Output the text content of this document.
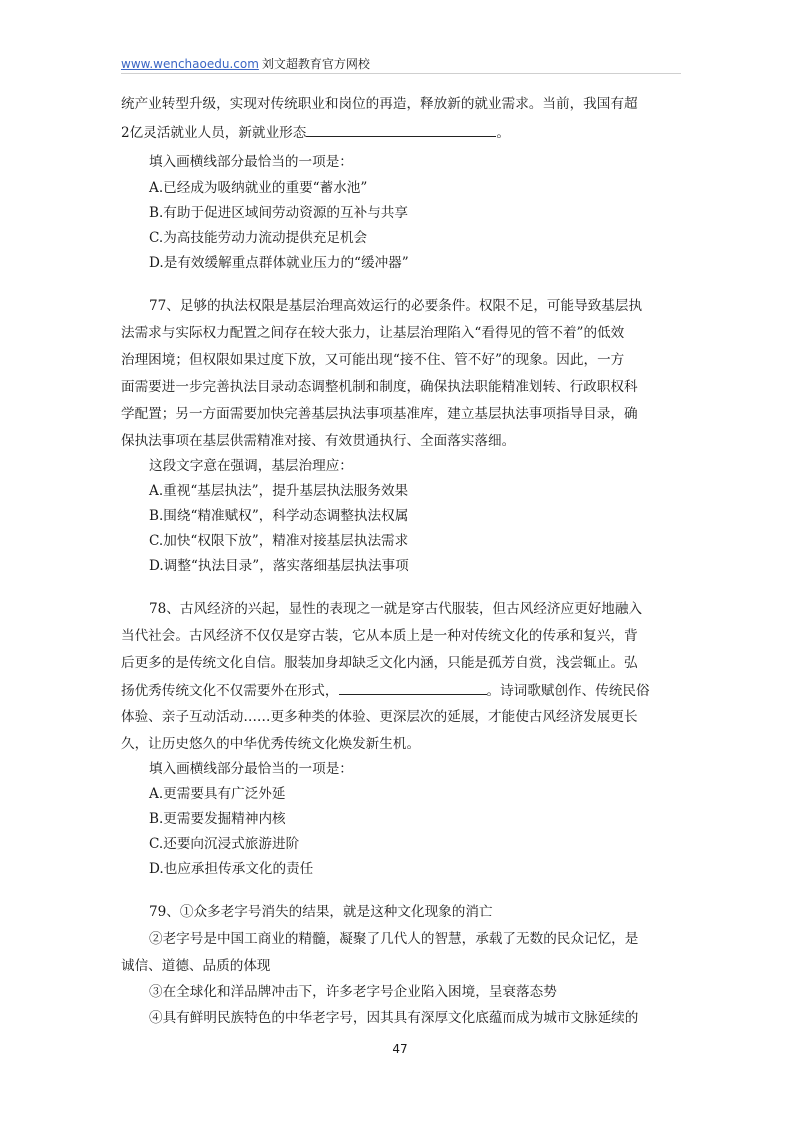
www.wenchaoedu.com 刘文超教育官方网校
统产业转型升级，实现对传统职业和岗位的再造，释放新的就业需求。当前，我国有超
2亿灵活就业人员，新就业形态	。
填入画横线部分最恰当的一项是：
A.已经成为吸纳就业的重要“蓄水池”
B.有助于促进区域间劳动资源的互补与共享
C.为高技能劳动力流动提供充足机会
D.是有效缓解重点群体就业压力的“缓冲器”
77、足够的执法权限是基层治理高效运行的必要条件。权限不足，可能导致基层执
法需求与实际权力配置之间存在较大张力，让基层治理陷入“看得见的管不着”的低效
治理困境；但权限如果过度下放，又可能出现“接不住、管不好”的现象。因此，一方
面需要进一步完善执法目录动态调整机制和制度，确保执法职能精准划转、行政职权科
学配置；另一方面需要加快完善基层执法事项基准库，建立基层执法事项指导目录，确
保执法事项在基层供需精准对接、有效贯通执行、全面落实落细。
这段文字意在强调，基层治理应：
A.重视“基层执法”，提升基层执法服务效果
B.围绕“精准赋权”，科学动态调整执法权属
C.加快“权限下放”，精准对接基层执法需求
D.调整“执法目录”，落实落细基层执法事项
78、古风经济的兴起，显性的表现之一就是穿古代服装，但古风经济应更好地融入
当代社会。古风经济不仅仅是穿古装，它从本质上是一种对传统文化的传承和复兴，背
后更多的是传统文化自信。服装加身却缺乏文化内涵，只能是孤芳自赏，浅尝辄止。弘
扬优秀传统文化不仅需要外在形式，	。诗词歌赋创作、传统民俗
体验、亲子互动活动……更多种类的体验、更深层次的延展，才能使古风经济发展更长
久，让历史悠久的中华优秀传统文化焕发新生机。
填入画横线部分最恰当的一项是：
A.更需要具有广泛外延
B.更需要发掘精神内核
C.还要向沉浸式旅游进阶
D.也应承担传承文化的责任
79、①众多老字号消失的结果，就是这种文化现象的消亡
②老字号是中国工商业的精髓，凝聚了几代人的智慧，承载了无数的民众记忆，是
诚信、道德、品质的体现
③在全球化和洋品牌冲击下，许多老字号企业陷入困境，呈衰落态势
④具有鲜明民族特色的中华老字号，因其具有深厚文化底蕴而成为城市文脉延续的
47
